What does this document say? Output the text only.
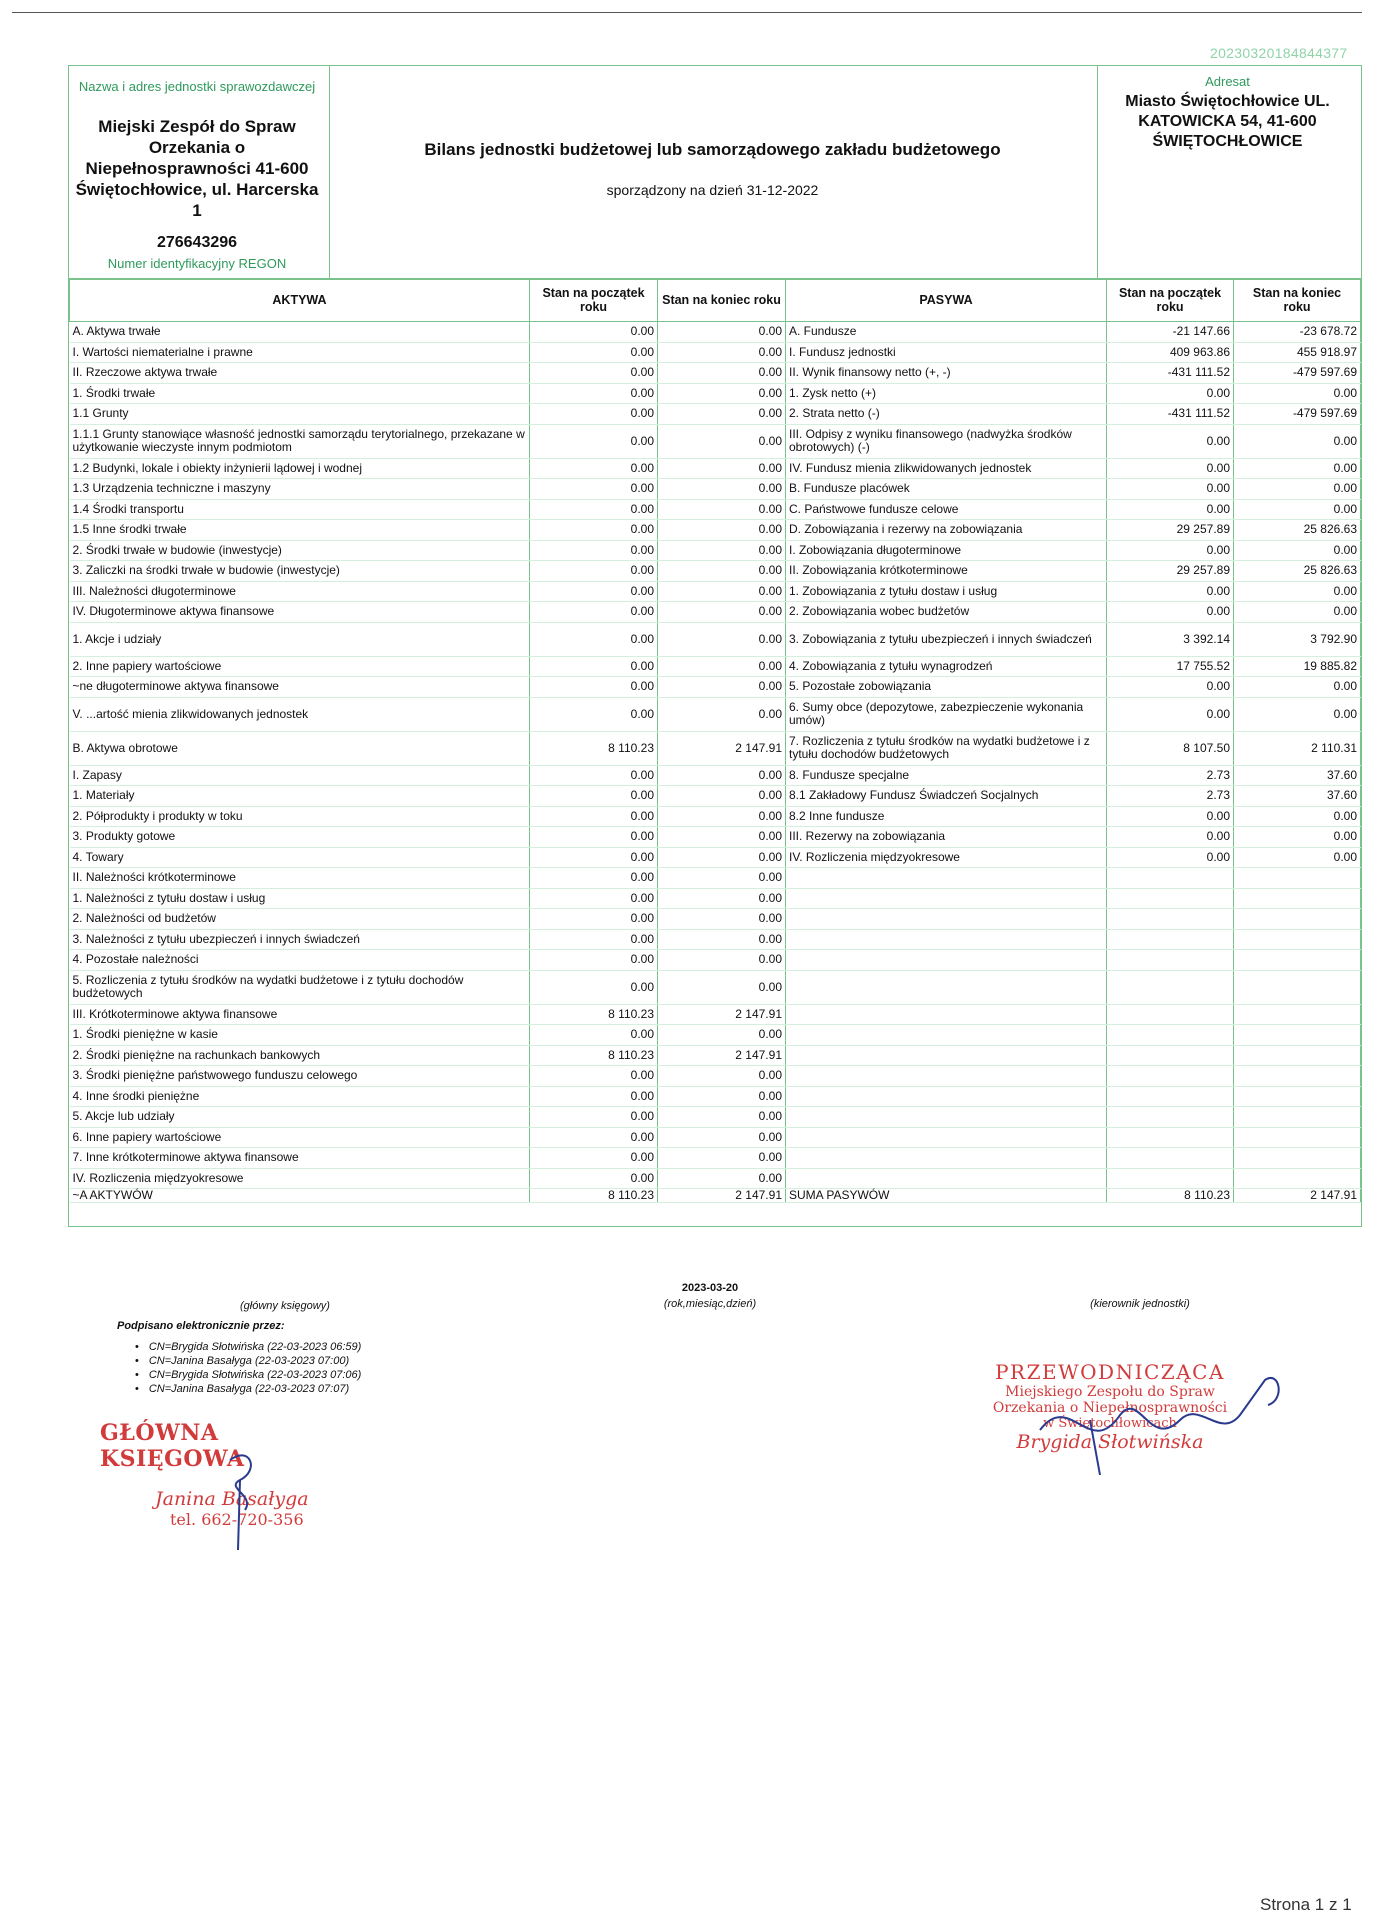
20230320184844377
Nazwa i adres jednostki sprawozdawczej
Miejski Zespół do Spraw Orzekania o Niepełnosprawności 41-600 Świętochłowice, ul. Harcerska 1
276643296
Numer identyfikacyjny REGON
Bilans jednostki budżetowej lub samorządowego zakładu budżetowego
sporządzony na dzień 31-12-2022
Adresat
Miasto Świętochłowice UL. KATOWICKA 54, 41-600 ŚWIĘTOCHŁOWICE
AKTYWA	Stan na początek roku	Stan na koniec roku	PASYWA	Stan na początek roku	Stan na koniec roku
A. Aktywa trwałe	0.00	0.00	A. Fundusze	-21 147.66	-23 678.72
I. Wartości niematerialne i prawne	0.00	0.00	I. Fundusz jednostki	409 963.86	455 918.97
II. Rzeczowe aktywa trwałe	0.00	0.00	II. Wynik finansowy netto (+, -)	-431 111.52	-479 597.69
1. Środki trwałe	0.00	0.00	1. Zysk netto (+)	0.00	0.00
1.1 Grunty	0.00	0.00	2. Strata netto (-)	-431 111.52	-479 597.69
1.1.1 Grunty stanowiące własność jednostki samorządu terytorialnego, przekazane w użytkowanie wieczyste innym podmiotom	0.00	0.00	III. Odpisy z wyniku finansowego (nadwyżka środków obrotowych) (-)	0.00	0.00
1.2 Budynki, lokale i obiekty inżynierii lądowej i wodnej	0.00	0.00	IV. Fundusz mienia zlikwidowanych jednostek	0.00	0.00
1.3 Urządzenia techniczne i maszyny	0.00	0.00	B. Fundusze placówek	0.00	0.00
1.4 Środki transportu	0.00	0.00	C. Państwowe fundusze celowe	0.00	0.00
1.5 Inne środki trwałe	0.00	0.00	D. Zobowiązania i rezerwy na zobowiązania	29 257.89	25 826.63
2. Środki trwałe w budowie (inwestycje)	0.00	0.00	I. Zobowiązania długoterminowe	0.00	0.00
3. Zaliczki na środki trwałe w budowie (inwestycje)	0.00	0.00	II. Zobowiązania krótkoterminowe	29 257.89	25 826.63
III. Należności długoterminowe	0.00	0.00	1. Zobowiązania z tytułu dostaw i usług	0.00	0.00
IV. Długoterminowe aktywa finansowe	0.00	0.00	2. Zobowiązania wobec budżetów	0.00	0.00
1. Akcje i udziały	0.00	0.00	3. Zobowiązania z tytułu ubezpieczeń i innych świadczeń	3 392.14	3 792.90
2. Inne papiery wartościowe	0.00	0.00	4. Zobowiązania z tytułu wynagrodzeń	17 755.52	19 885.82
~ne długoterminowe aktywa finansowe	0.00	0.00	5. Pozostałe zobowiązania	0.00	0.00
V. ...artość mienia zlikwidowanych jednostek	0.00	0.00	6. Sumy obce (depozytowe, zabezpieczenie wykonania umów)	0.00	0.00
B. Aktywa obrotowe	8 110.23	2 147.91	7. Rozliczenia z tytułu środków na wydatki budżetowe i z tytułu dochodów budżetowych	8 107.50	2 110.31
I. Zapasy	0.00	0.00	8. Fundusze specjalne	2.73	37.60
1. Materiały	0.00	0.00	8.1 Zakładowy Fundusz Świadczeń Socjalnych	2.73	37.60
2. Półprodukty i produkty w toku	0.00	0.00	8.2 Inne fundusze	0.00	0.00
3. Produkty gotowe	0.00	0.00	III. Rezerwy na zobowiązania	0.00	0.00
4. Towary	0.00	0.00	IV. Rozliczenia międzyokresowe	0.00	0.00
II. Należności krótkoterminowe	0.00	0.00			
1. Należności z tytułu dostaw i usług	0.00	0.00			
2. Należności od budżetów	0.00	0.00			
3. Należności z tytułu ubezpieczeń i innych świadczeń	0.00	0.00			
4. Pozostałe należności	0.00	0.00			
5. Rozliczenia z tytułu środków na wydatki budżetowe i z tytułu dochodów budżetowych	0.00	0.00			
III. Krótkoterminowe aktywa finansowe	8 110.23	2 147.91			
1. Środki pieniężne w kasie	0.00	0.00			
2. Środki pieniężne na rachunkach bankowych	8 110.23	2 147.91			
3. Środki pieniężne państwowego funduszu celowego	0.00	0.00			
4. Inne środki pieniężne	0.00	0.00			
5. Akcje lub udziały	0.00	0.00			
6. Inne papiery wartościowe	0.00	0.00			
7. Inne krótkoterminowe aktywa finansowe	0.00	0.00			
IV. Rozliczenia międzyokresowe	0.00	0.00			
~A AKTYWÓW	8 110.23	2 147.91	SUMA PASYWÓW	8 110.23	2 147.91
(główny księgowy)
Podpisano elektronicznie przez:
• CN=Brygida Słotwińska (22-03-2023 06:59)
• CN=Janina Basałyga (22-03-2023 07:00)
• CN=Brygida Słotwińska (22-03-2023 07:06)
• CN=Janina Basałyga (22-03-2023 07:07)
2023-03-20
(rok,miesiąc,dzień)	(kierownik jednostki)
GŁÓWNA KSIĘGOWA
Janina Basałyga
tel. 662-720-356
PRZEWODNICZĄCA
Miejskiego Zespołu do Spraw
Orzekania o Niepełnosprawności
w Świętochłowicach
Brygida Słotwińska
Strona 1 z 1
